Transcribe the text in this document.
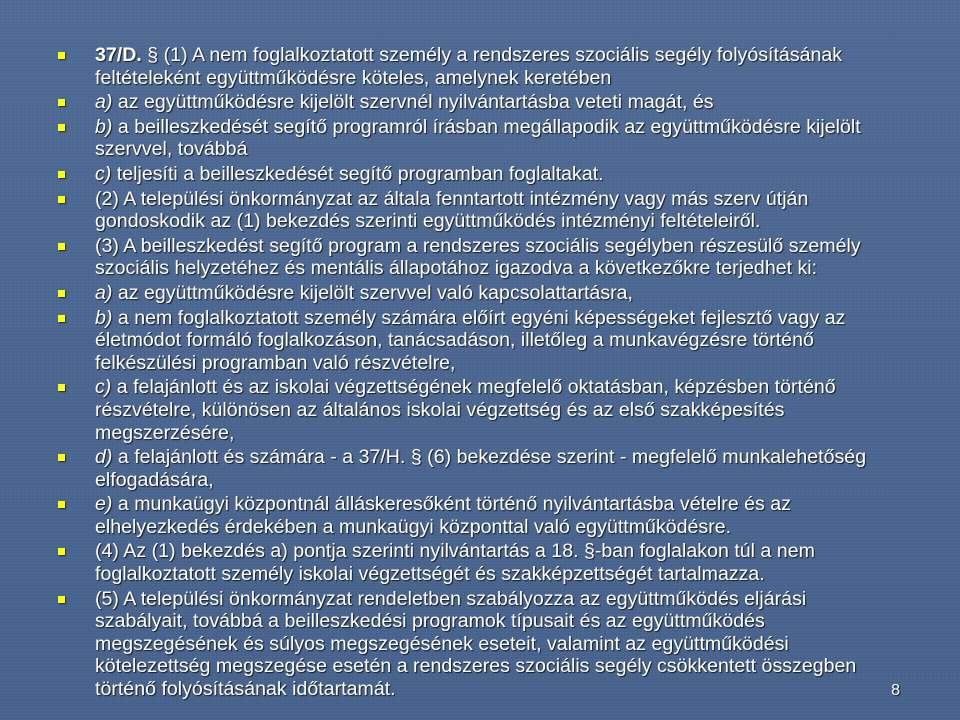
37/D. § (1) A nem foglalkoztatott személy a rendszeres szociális segély folyósításának feltételeként együttműködésre köteles, amelynek keretében
a) az együttműködésre kijelölt szervnél nyilvántartásba veteti magát, és
b) a beilleszkedését segítő programról írásban megállapodik az együttműködésre kijelölt szervvel, továbbá
c) teljesíti a beilleszkedését segítő programban foglaltakat.
(2) A települési önkormányzat az általa fenntartott intézmény vagy más szerv útján gondoskodik az (1) bekezdés szerinti együttműködés intézményi feltételeiről.
(3) A beilleszkedést segítő program a rendszeres szociális segélyben részesülő személy szociális helyzetéhez és mentális állapotához igazodva a következőkre terjedhet ki:
a) az együttműködésre kijelölt szervvel való kapcsolattartásra,
b) a nem foglalkoztatott személy számára előírt egyéni képességeket fejlesztő vagy az életmódot formáló foglalkozáson, tanácsadáson, illetőleg a munkavégzésre történő felkészülési programban való részvételre,
c) a felajánlott és az iskolai végzettségének megfelelő oktatásban, képzésben történő részvételre, különösen az általános iskolai végzettség és az első szakképesítés megszerzésére,
d) a felajánlott és számára - a 37/H. § (6) bekezdése szerint - megfelelő munkalehetőség elfogadására,
e) a munkaügyi központnál álláskeresőként történő nyilvántartásba vételre és az elhelyezkedés érdekében a munkaügyi központtal való együttműködésre.
(4) Az (1) bekezdés a) pontja szerinti nyilvántartás a 18. §-ban foglalakon túl a nem foglalkoztatott személy iskolai végzettségét és szakképzettségét tartalmazza.
(5) A települési önkormányzat rendeletben szabályozza az együttműködés eljárási szabályait, továbbá a beilleszkedési programok típusait és az együttműködés megszegésének és súlyos megszegésének eseteit, valamint az együttműködési kötelezettség megszegése esetén a rendszeres szociális segély csökkentett összegben történő folyósításának időtartamát.	8
